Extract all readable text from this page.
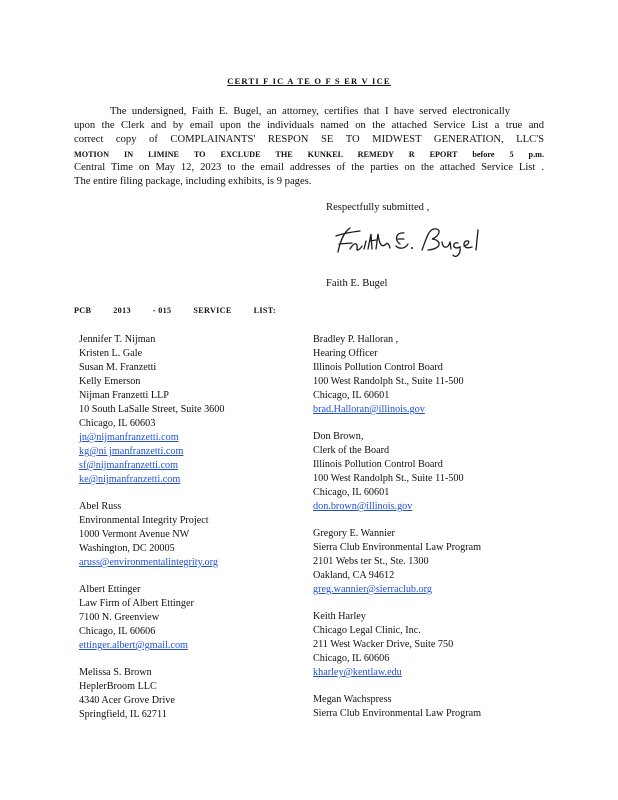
CERTI F IC A TE O F S ER V ICE
The undersigned, Faith E. Bugel, an attorney, certifies that I have served electronically
upon the Clerk and by email upon the individuals named on the attached Service List a true and
correct copy of COMPLAINANTS' RESPON SE TO MIDWEST GENERATION, LLC'S
MOTION IN LIMINE TO EXCLUDE THE KUNKEL REMEDY R EPORT before 5 p.m.
Central Time on May 12, 2023 to the email addresses of the parties on the attached Service List .
The entire filing package, including exhibits, is 9 pages.
Respectfully submitted ,
Faith E. Bugel
PCB	2013	- 015	SERVICE	LIST:
Jennifer T. Nijman
Kristen L. Gale
Susan M. Franzetti
Kelly Emerson
Nijman Franzetti LLP
10 South LaSalle Street, Suite 3600
Chicago, IL 60603
jn@nijmanfranzetti.com
kg@ni jmanfranzetti.com
sf@nijmanfranzetti.com
ke@nijmanfranzetti.com
Abel Russ
Environmental Integrity Project
1000 Vermont Avenue NW
Washington, DC 20005
aruss@environmentalintegrity.org
Albert Ettinger
Law Firm of Albert Ettinger
7100 N. Greenview
Chicago, IL 60606
ettinger.albert@gmail.com
Melissa S. Brown
HeplerBroom LLC
4340 Acer Grove Drive
Springfield, IL 62711
Bradley P. Halloran ,
Hearing Officer
Illinois Pollution Control Board
100 West Randolph St., Suite 11-500
Chicago, IL 60601
brad.Halloran@illinois.gov
Don Brown,
Clerk of the Board
Illinois Pollution Control Board
100 West Randolph St., Suite 11-500
Chicago, IL 60601
don.brown@illinois.gov
Gregory E. Wannier
Sierra Club Environmental Law Program
2101 Webs ter St., Ste. 1300
Oakland, CA 94612
greg.wannier@sierraclub.org
Keith Harley
Chicago Legal Clinic, Inc.
211 West Wacker Drive, Suite 750
Chicago, IL 60606
kharley@kentlaw.edu
Megan Wachspress
Sierra Club Environmental Law Program
